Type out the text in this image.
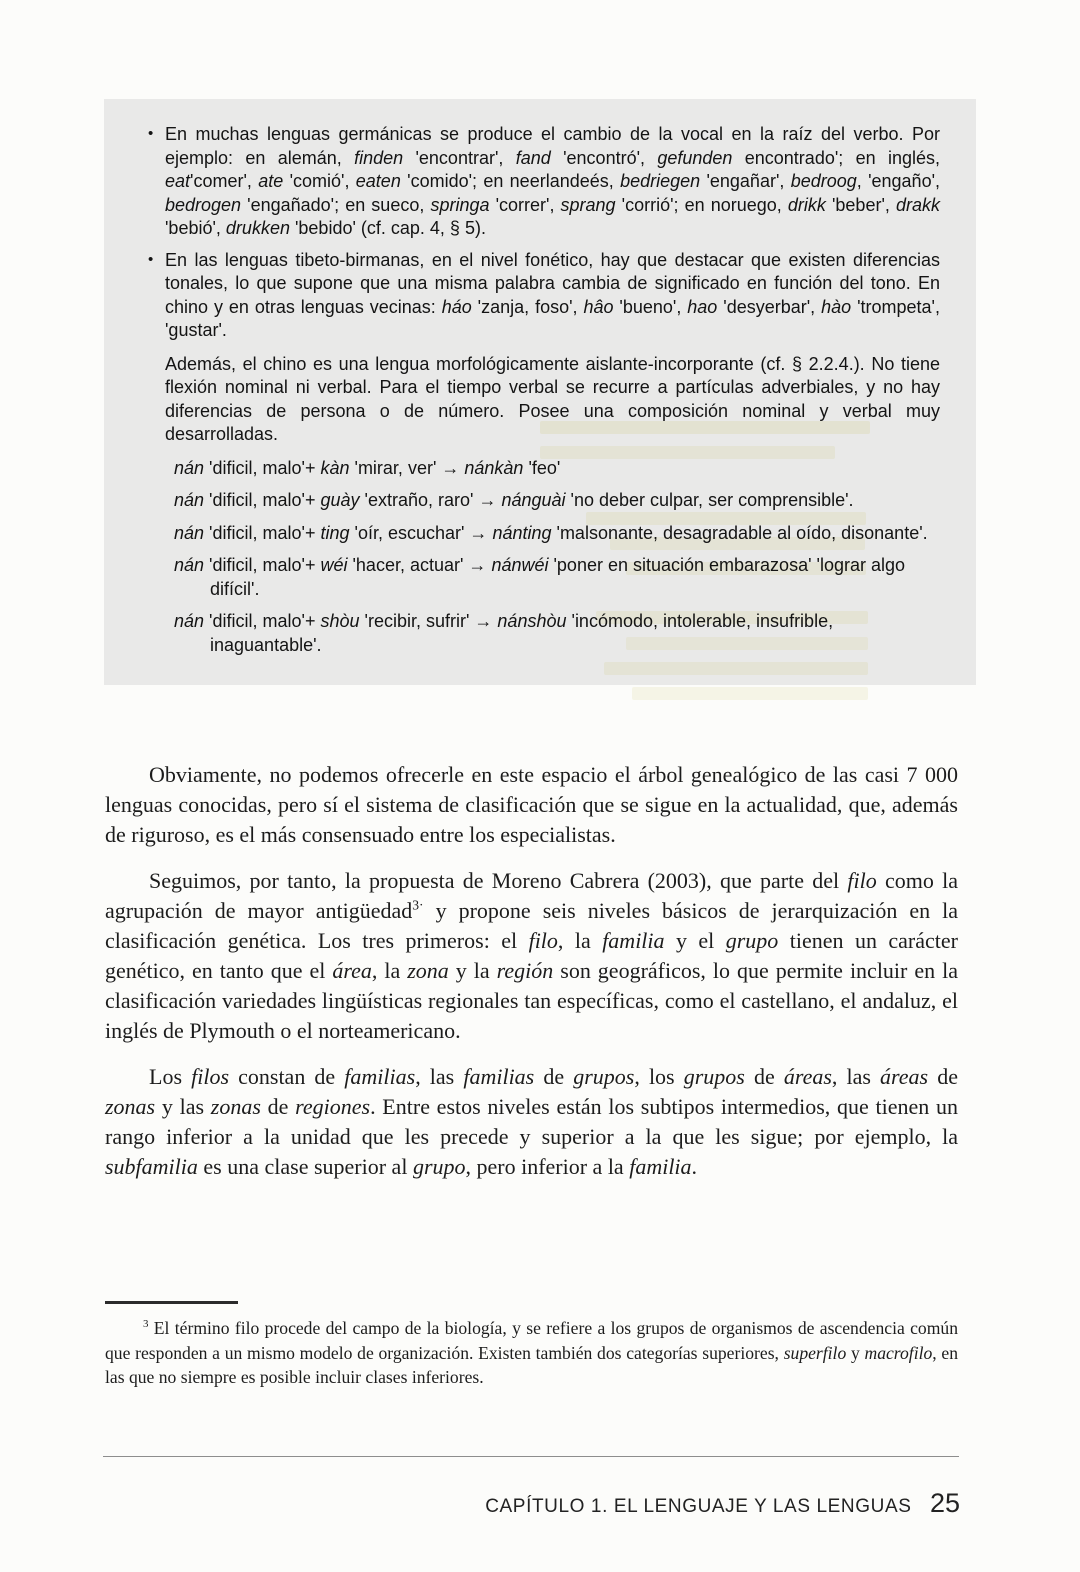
• En muchas lenguas germánicas se produce el cambio de la vocal en la raíz del verbo. Por ejemplo: en alemán, finden 'encontrar', fand 'encontró', gefunden encontrado'; en inglés, eat'comer', ate 'comió', eaten 'comido'; en neerlandeés, bedriegen 'engañar', bedroog, 'engaño', bedrogen 'engañado'; en sueco, springa 'correr', sprang 'corrió'; en noruego, drikk 'beber', drakk 'bebió', drukken 'bebido' (cf. cap. 4, § 5).

• En las lenguas tibeto-birmanas, en el nivel fonético, hay que destacar que existen diferencias tonales, lo que supone que una misma palabra cambia de significado en función del tono. En chino y en otras lenguas vecinas: háo 'zanja, foso', hâo 'bueno', hao 'desyerbar', hào 'trompeta', 'gustar'.

Además, el chino es una lengua morfológicamente aislante-incorporante (cf. § 2.2.4.). No tiene flexión nominal ni verbal. Para el tiempo verbal se recurre a partículas adverbiales, y no hay diferencias de persona o de número. Posee una composición nominal y verbal muy desarrolladas.
nán 'dificil, malo'+ kàn 'mirar, ver' → nánkàn 'feo'
nán 'dificil, malo'+ guày 'extraño, raro' → nánguài 'no deber culpar, ser comprensible'.
nán 'dificil, malo'+ ting 'oír, escuchar' → nánting 'malsonante, desagradable al oído, disonante'.
nán 'dificil, malo'+ wéi 'hacer, actuar' → nánwéi 'poner en situación embarazosa' 'lograr algo difícil'.
nán 'dificil, malo'+ shòu 'recibir, sufrir' → nánshòu 'incómodo, intolerable, insufrible, inaguantable'.

Obviamente, no podemos ofrecerle en este espacio el árbol genealógico de las casi 7 000 lenguas conocidas, pero sí el sistema de clasificación que se sigue en la actualidad, que, además de riguroso, es el más consensuado entre los especialistas.

Seguimos, por tanto, la propuesta de Moreno Cabrera (2003), que parte del filo como la agrupación de mayor antigüedad$^{3\cdot}$ y propone seis niveles básicos de jerarquización en la clasificación genética. Los tres primeros: el filo, la familia y el grupo tienen un carácter genético, en tanto que el área, la zona y la región son geográficos, lo que permite incluir en la clasificación variedades lingüísticas regionales tan específicas, como el castellano, el andaluz, el inglés de Plymouth o el norteamericano.

Los filos constan de familias, las familias de grupos, los grupos de áreas, las áreas de zonas y las zonas de regiones. Entre estos niveles están los subtipos intermedios, que tienen un rango inferior a la unidad que les precede y superior a la que les sigue; por ejemplo, la subfamilia es una clase superior al grupo, pero inferior a la familia.

$^3$ El término filo procede del campo de la biología, y se refiere a los grupos de organismos de ascendencia común que responden a un mismo modelo de organización. Existen también dos categorías superiores, superfilo y macrofilo, en las que no siempre es posible incluir clases inferiores.

CAPÍTULO 1. EL LENGUAJE Y LAS LENGUAS 25
